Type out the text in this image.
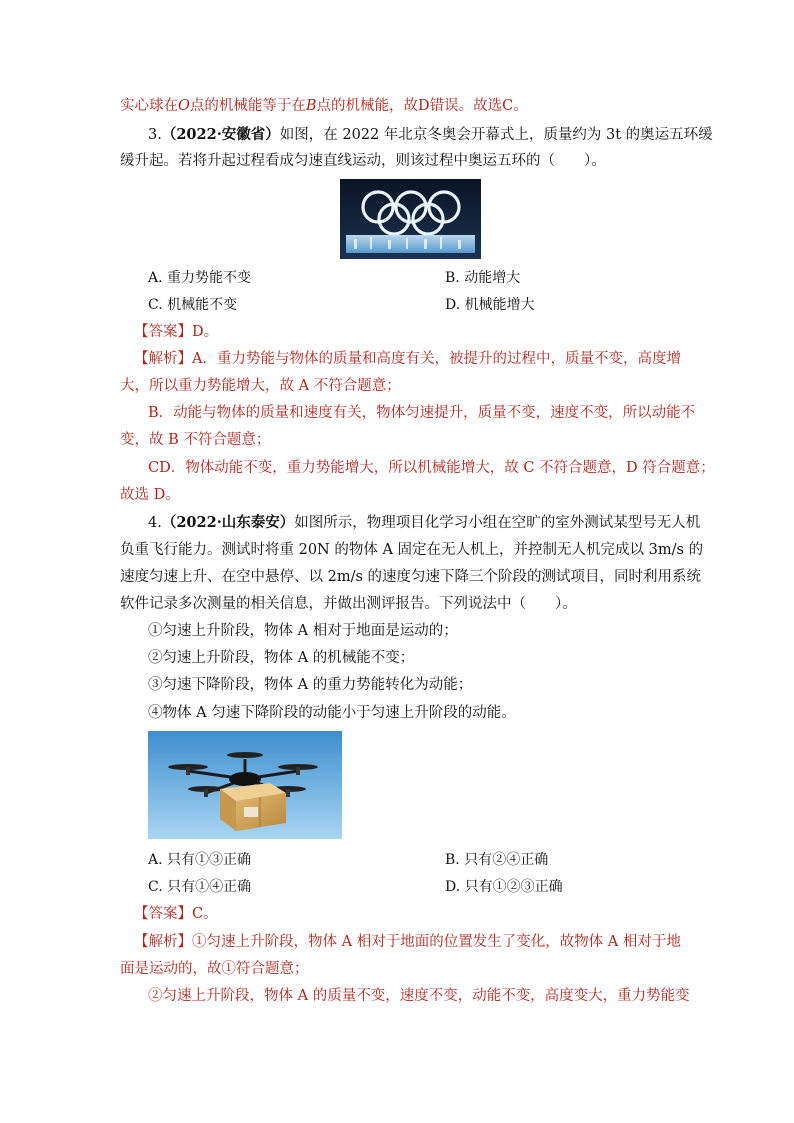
实心球在O点的机械能等于在B点的机械能，故D错误。故选C。
3.（2022·安徽省）如图，在 2022 年北京冬奥会开幕式上，质量约为 3t 的奥运五环缓
缓升起。若将升起过程看成匀速直线运动，则该过程中奥运五环的（　　）。
A. 重力势能不变	B. 动能增大
C. 机械能不变	D. 机械能增大
【答案】D。
【解析】A．重力势能与物体的质量和高度有关，被提升的过程中，质量不变，高度增
大，所以重力势能增大，故 A 不符合题意；
B．动能与物体的质量和速度有关，物体匀速提升，质量不变，速度不变，所以动能不
变，故 B 不符合题意；
CD．物体动能不变，重力势能增大，所以机械能增大，故 C 不符合题意，D 符合题意；
故选 D。
4.（2022·山东泰安）如图所示，物理项目化学习小组在空旷的室外测试某型号无人机
负重飞行能力。测试时将重 20N 的物体 A 固定在无人机上，并控制无人机完成以 3m/s 的
速度匀速上升、在空中悬停、以 2m/s 的速度匀速下降三个阶段的测试项目，同时利用系统
软件记录多次测量的相关信息，并做出测评报告。下列说法中（　　）。
①匀速上升阶段，物体 A 相对于地面是运动的；
②匀速上升阶段，物体 A 的机械能不变；
③匀速下降阶段，物体 A 的重力势能转化为动能；
④物体 A 匀速下降阶段的动能小于匀速上升阶段的动能。
A. 只有①③正确	B. 只有②④正确
C. 只有①④正确	D. 只有①②③正确
【答案】C。
【解析】①匀速上升阶段，物体 A 相对于地面的位置发生了变化，故物体 A 相对于地
面是运动的，故①符合题意；
②匀速上升阶段，物体 A 的质量不变，速度不变，动能不变，高度变大，重力势能变
